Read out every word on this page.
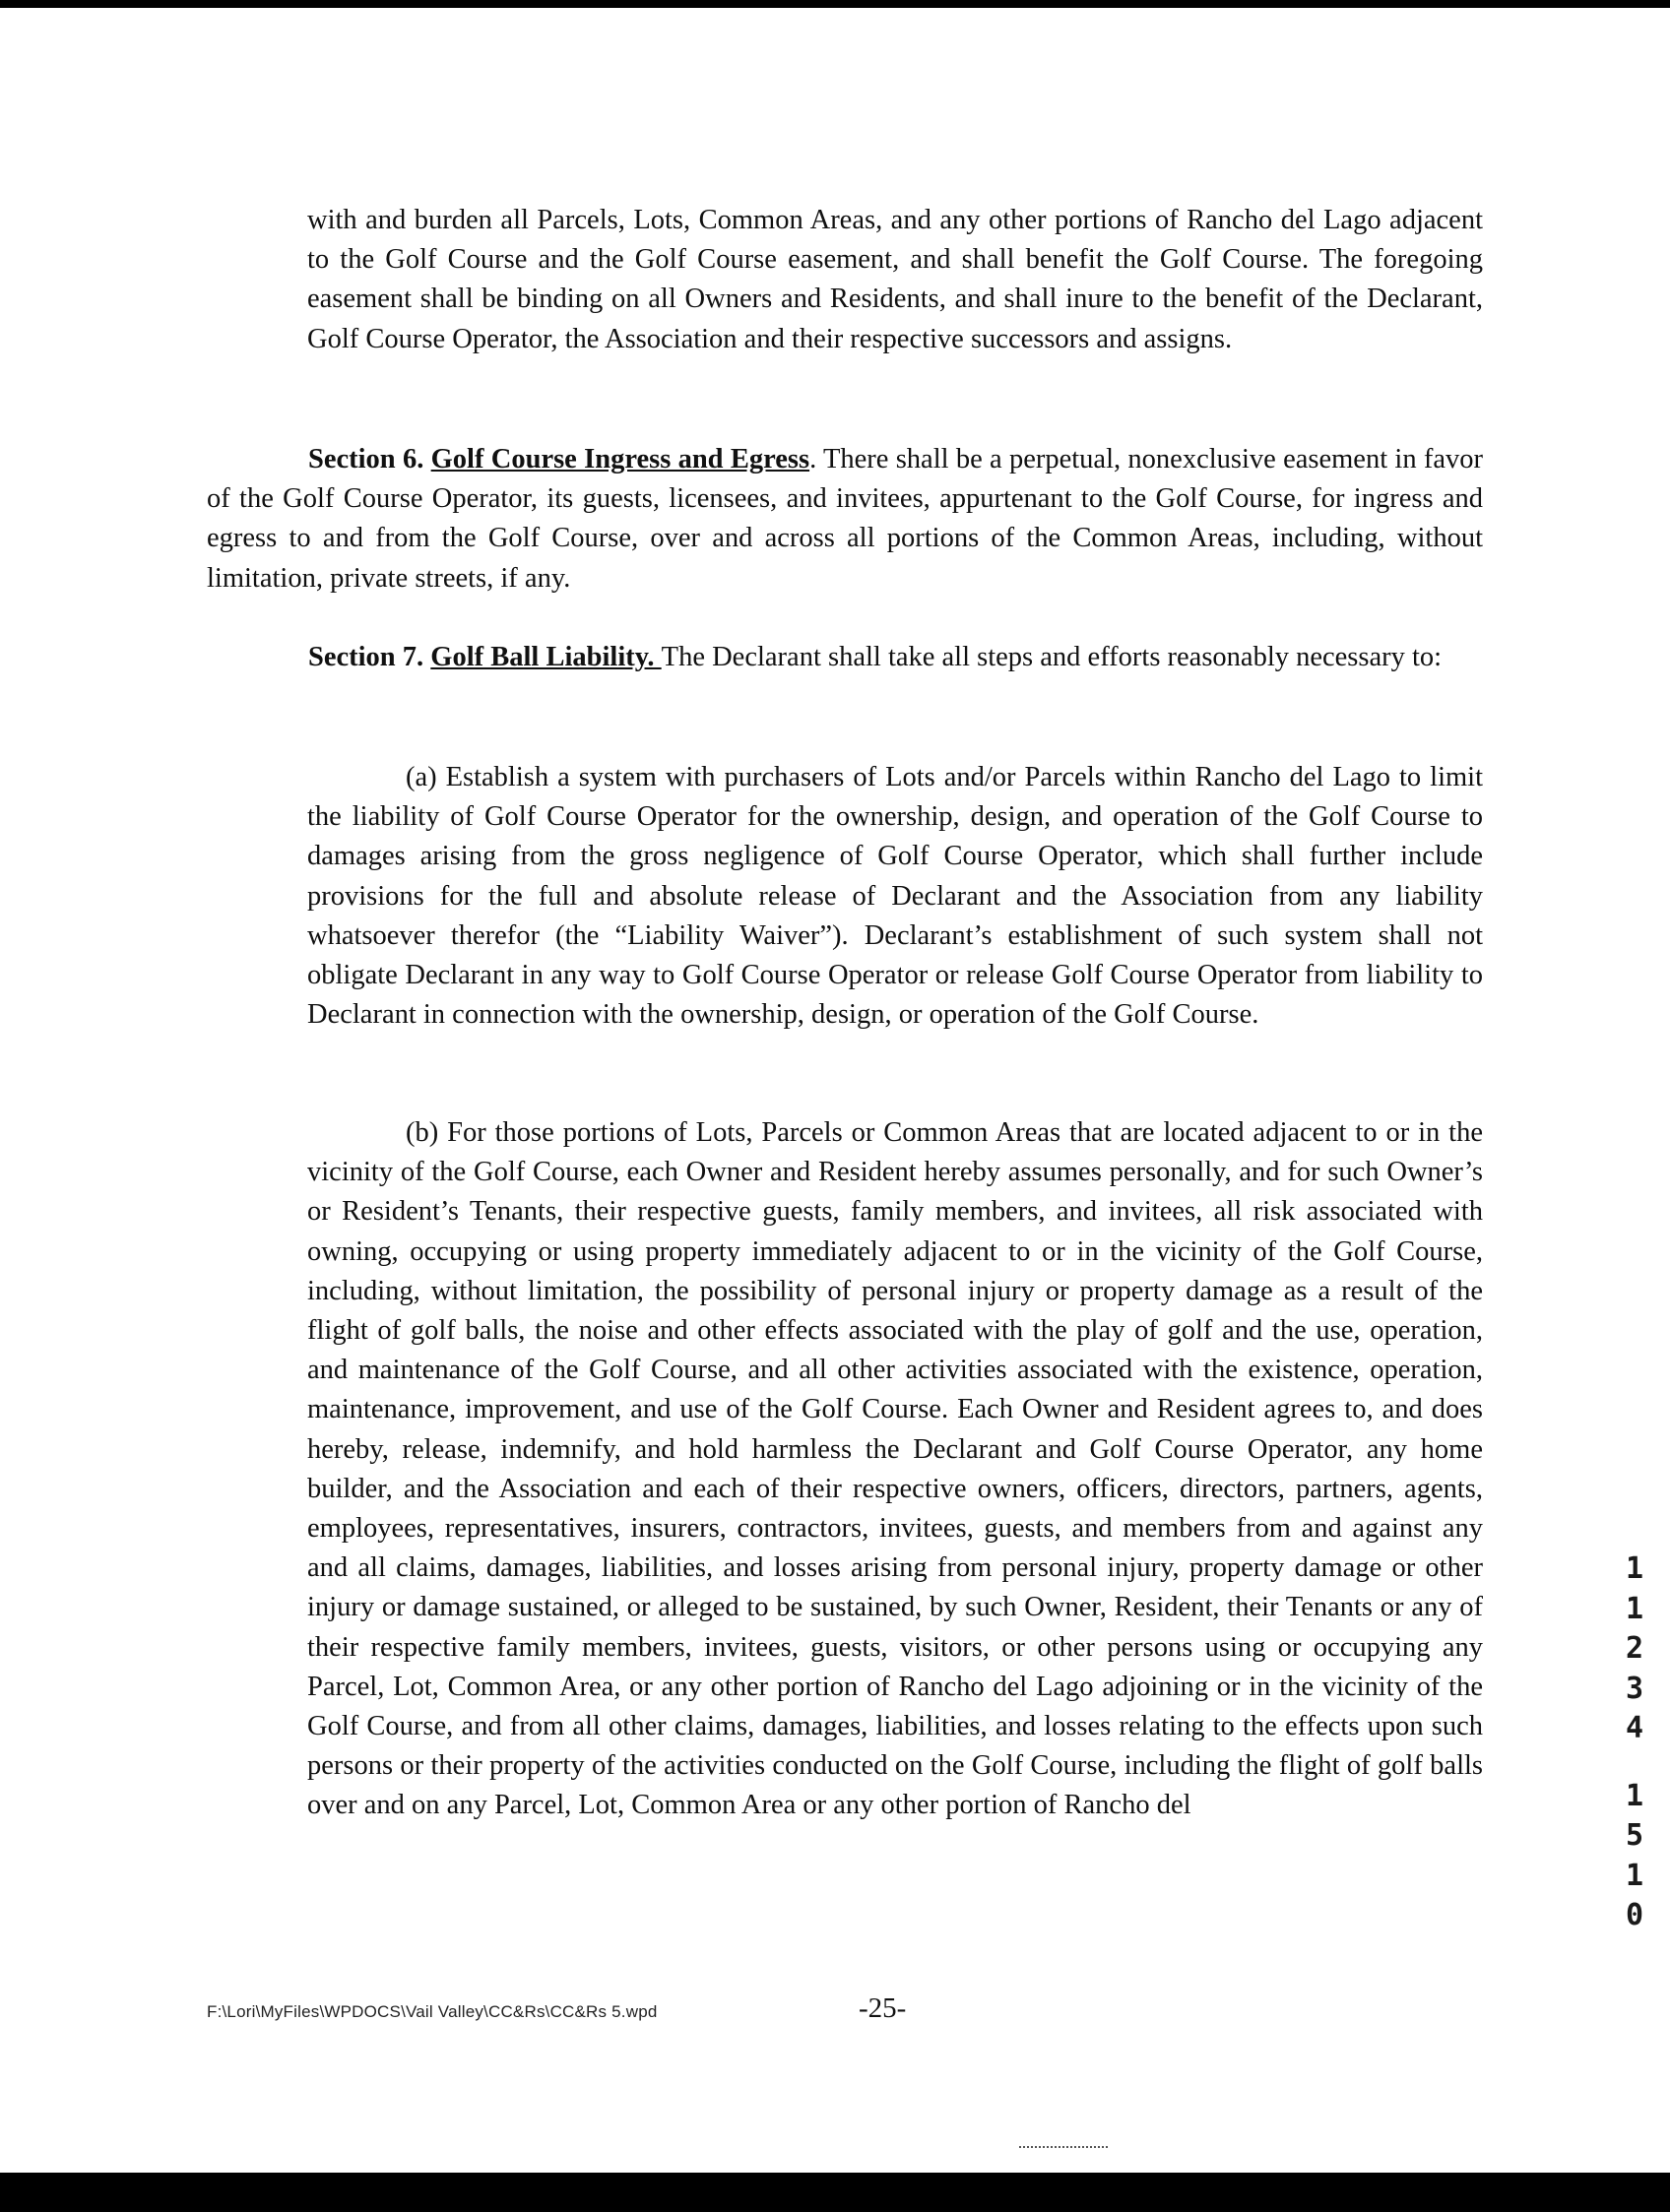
with and burden all Parcels, Lots, Common Areas, and any other portions of Rancho del Lago adjacent to the Golf Course and the Golf Course easement, and shall benefit the Golf Course. The foregoing easement shall be binding on all Owners and Residents, and shall inure to the benefit of the Declarant, Golf Course Operator, the Association and their respective successors and assigns.

Section 6. Golf Course Ingress and Egress. There shall be a perpetual, nonexclusive easement in favor of the Golf Course Operator, its guests, licensees, and invitees, appurtenant to the Golf Course, for ingress and egress to and from the Golf Course, over and across all portions of the Common Areas, including, without limitation, private streets, if any.

Section 7. Golf Ball Liability. The Declarant shall take all steps and efforts reasonably necessary to:

(a) Establish a system with purchasers of Lots and/or Parcels within Rancho del Lago to limit the liability of Golf Course Operator for the ownership, design, and operation of the Golf Course to damages arising from the gross negligence of Golf Course Operator, which shall further include provisions for the full and absolute release of Declarant and the Association from any liability whatsoever therefor (the “Liability Waiver”). Declarant’s establishment of such system shall not obligate Declarant in any way to Golf Course Operator or release Golf Course Operator from liability to Declarant in connection with the ownership, design, or operation of the Golf Course.

(b) For those portions of Lots, Parcels or Common Areas that are located adjacent to or in the vicinity of the Golf Course, each Owner and Resident hereby assumes personally, and for such Owner’s or Resident’s Tenants, their respective guests, family members, and invitees, all risk associated with owning, occupying or using property immediately adjacent to or in the vicinity of the Golf Course, including, without limitation, the possibility of personal injury or property damage as a result of the flight of golf balls, the noise and other effects associated with the play of golf and the use, operation, and maintenance of the Golf Course, and all other activities associated with the existence, operation, maintenance, improvement, and use of the Golf Course. Each Owner and Resident agrees to, and does hereby, release, indemnify, and hold harmless the Declarant and Golf Course Operator, any home builder, and the Association and each of their respective owners, officers, directors, partners, agents, employees, representatives, insurers, contractors, invitees, guests, and members from and against any and all claims, damages, liabilities, and losses arising from personal injury, property damage or other injury or damage sustained, or alleged to be sustained, by such Owner, Resident, their Tenants or any of their respective family members, invitees, guests, visitors, or other persons using or occupying any Parcel, Lot, Common Area, or any other portion of Rancho del Lago adjoining or in the vicinity of the Golf Course, and from all other claims, damages, liabilities, and losses relating to the effects upon such persons or their property of the activities conducted on the Golf Course, including the flight of golf balls over and on any Parcel, Lot, Common Area or any other portion of Rancho del

F:\Lori\MyFiles\WPDOCS\Vail Valley\CC&Rs\CC&Rs 5.wpd	-25-
1
1
2
3
4
1
5
1
0
